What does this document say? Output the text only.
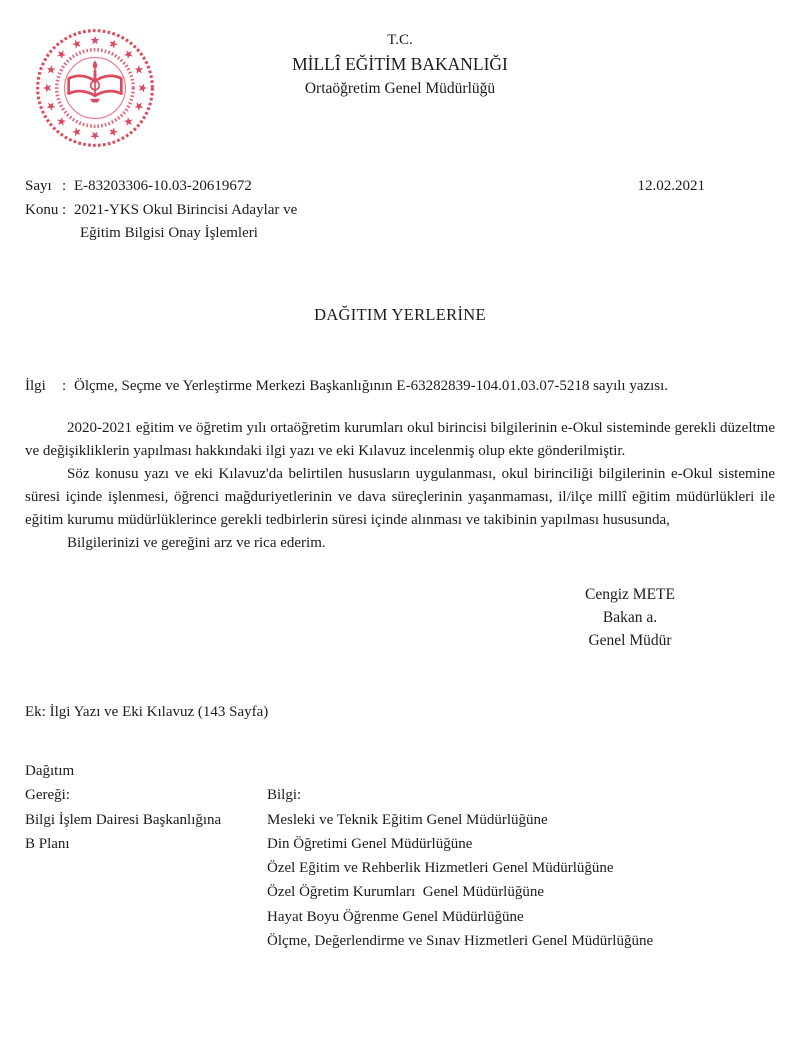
T.C.
MİLLÎ EĞİTİM BAKANLIĞI
Ortaöğretim Genel Müdürlüğü
Sayı : E-83203306-10.03-20619672
Konu : 2021-YKS Okul Birincisi Adaylar ve
Eğitim Bilgisi Onay İşlemleri
12.02.2021
DAĞITIM YERLERİNE
İlgi	: Ölçme, Seçme ve Yerleştirme Merkezi Başkanlığının E-63282839-104.01.03.07-5218 sayılı yazısı.

2020-2021 eğitim ve öğretim yılı ortaöğretim kurumları okul birincisi bilgilerinin e-Okul sisteminde gerekli düzeltme ve değişikliklerin yapılması hakkındaki ilgi yazı ve eki Kılavuz incelenmiş olup ekte gönderilmiştir.

Söz konusu yazı ve eki Kılavuz'da belirtilen hususların uygulanması, okul birinciliği bilgilerinin e-Okul sistemine süresi içinde işlenmesi, öğrenci mağduriyetlerinin ve dava süreçlerinin yaşanmaması, il/ilçe millî eğitim müdürlükleri ile eğitim kurumu müdürlüklerince gerekli tedbirlerin süresi içinde alınması ve takibinin yapılması hususunda,

Bilgilerinizi ve gereğini arz ve rica ederim.

Cengiz METE
Bakan a.
Genel Müdür
Ek: İlgi Yazı ve Eki Kılavuz (143 Sayfa)
Dağıtım
Gereği:
Bilgi İşlem Dairesi Başkanlığına
B Planı
Bilgi:
Mesleki ve Teknik Eğitim Genel Müdürlüğüne
Din Öğretimi Genel Müdürlüğüne
Özel Eğitim ve Rehberlik Hizmetleri Genel Müdürlüğüne
Özel Öğretim Kurumları  Genel Müdürlüğüne
Hayat Boyu Öğrenme Genel Müdürlüğüne
Ölçme, Değerlendirme ve Sınav Hizmetleri Genel Müdürlüğüne
